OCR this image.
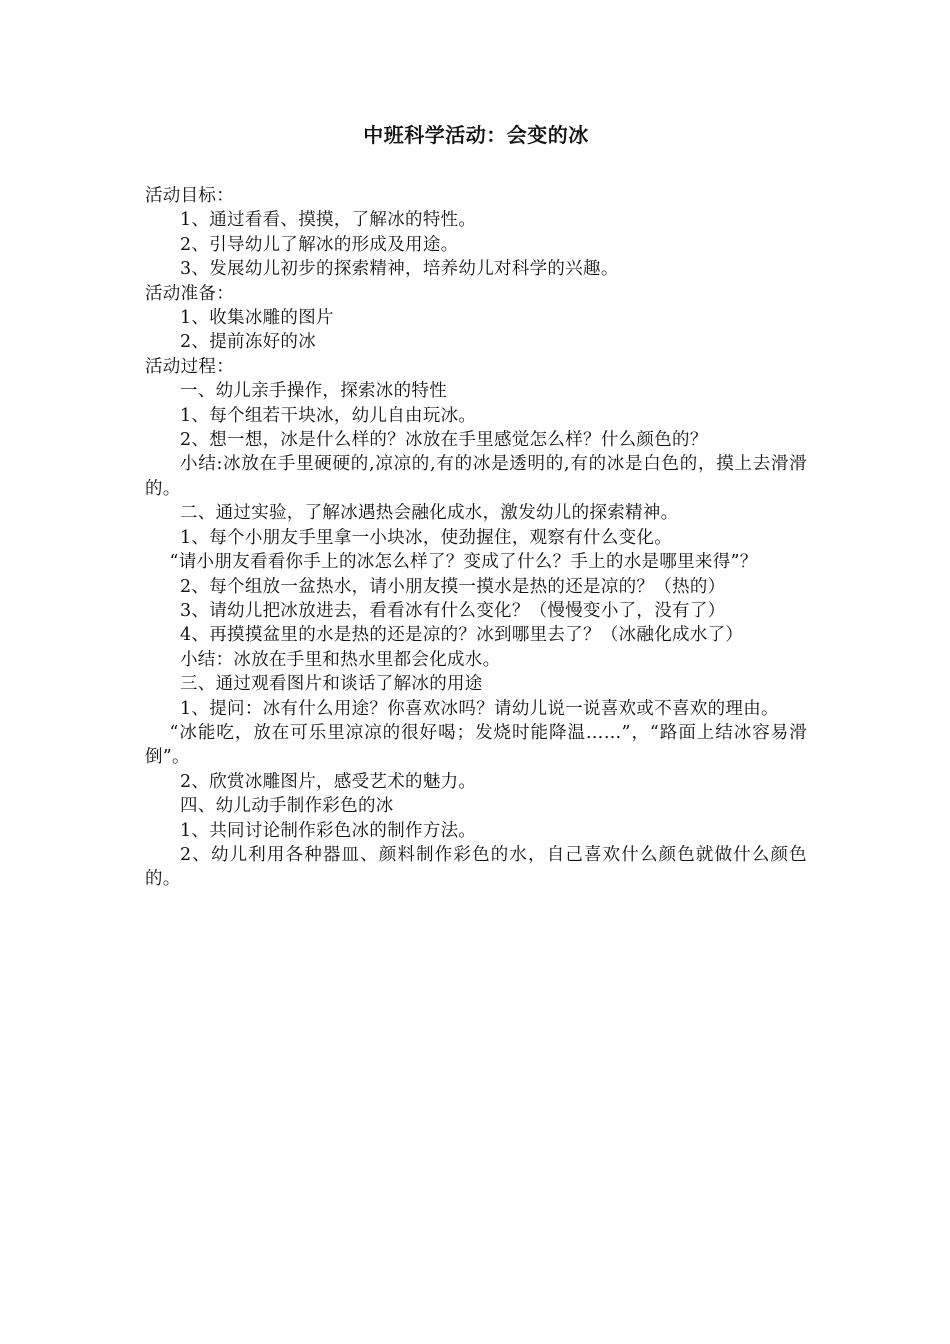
中班科学活动：会变的冰

活动目标：

1、通过看看、摸摸，了解冰的特性。

2、引导幼儿了解冰的形成及用途。

3、发展幼儿初步的探索精神，培养幼儿对科学的兴趣。

活动准备：

1、收集冰雕的图片

2、提前冻好的冰

活动过程：

一、幼儿亲手操作，探索冰的特性

1、每个组若干块冰，幼儿自由玩冰。

2、想一想，冰是什么样的？冰放在手里感觉怎么样？什么颜色的？

小结:冰放在手里硬硬的,凉凉的,有的冰是透明的,有的冰是白色的，摸上去滑滑的。

二、通过实验，了解冰遇热会融化成水，激发幼儿的探索精神。

1、每个小朋友手里拿一小块冰，使劲握住，观察有什么变化。

“请小朋友看看你手上的冰怎么样了？变成了什么？手上的水是哪里来得”？

2、每个组放一盆热水，请小朋友摸一摸水是热的还是凉的？（热的）

3、请幼儿把冰放进去，看看冰有什么变化？（慢慢变小了，没有了）

4、再摸摸盆里的水是热的还是凉的？冰到哪里去了？（冰融化成水了）

小结：冰放在手里和热水里都会化成水。

三、通过观看图片和谈话了解冰的用途

1、提问：冰有什么用途？你喜欢冰吗？请幼儿说一说喜欢或不喜欢的理由。

“冰能吃，放在可乐里凉凉的很好喝；发烧时能降温……”，“路面上结冰容易滑倒”。

2、欣赏冰雕图片，感受艺术的魅力。

四、幼儿动手制作彩色的冰

1、共同讨论制作彩色冰的制作方法。

2、幼儿利用各种器皿、颜料制作彩色的水，自己喜欢什么颜色就做什么颜色的。
